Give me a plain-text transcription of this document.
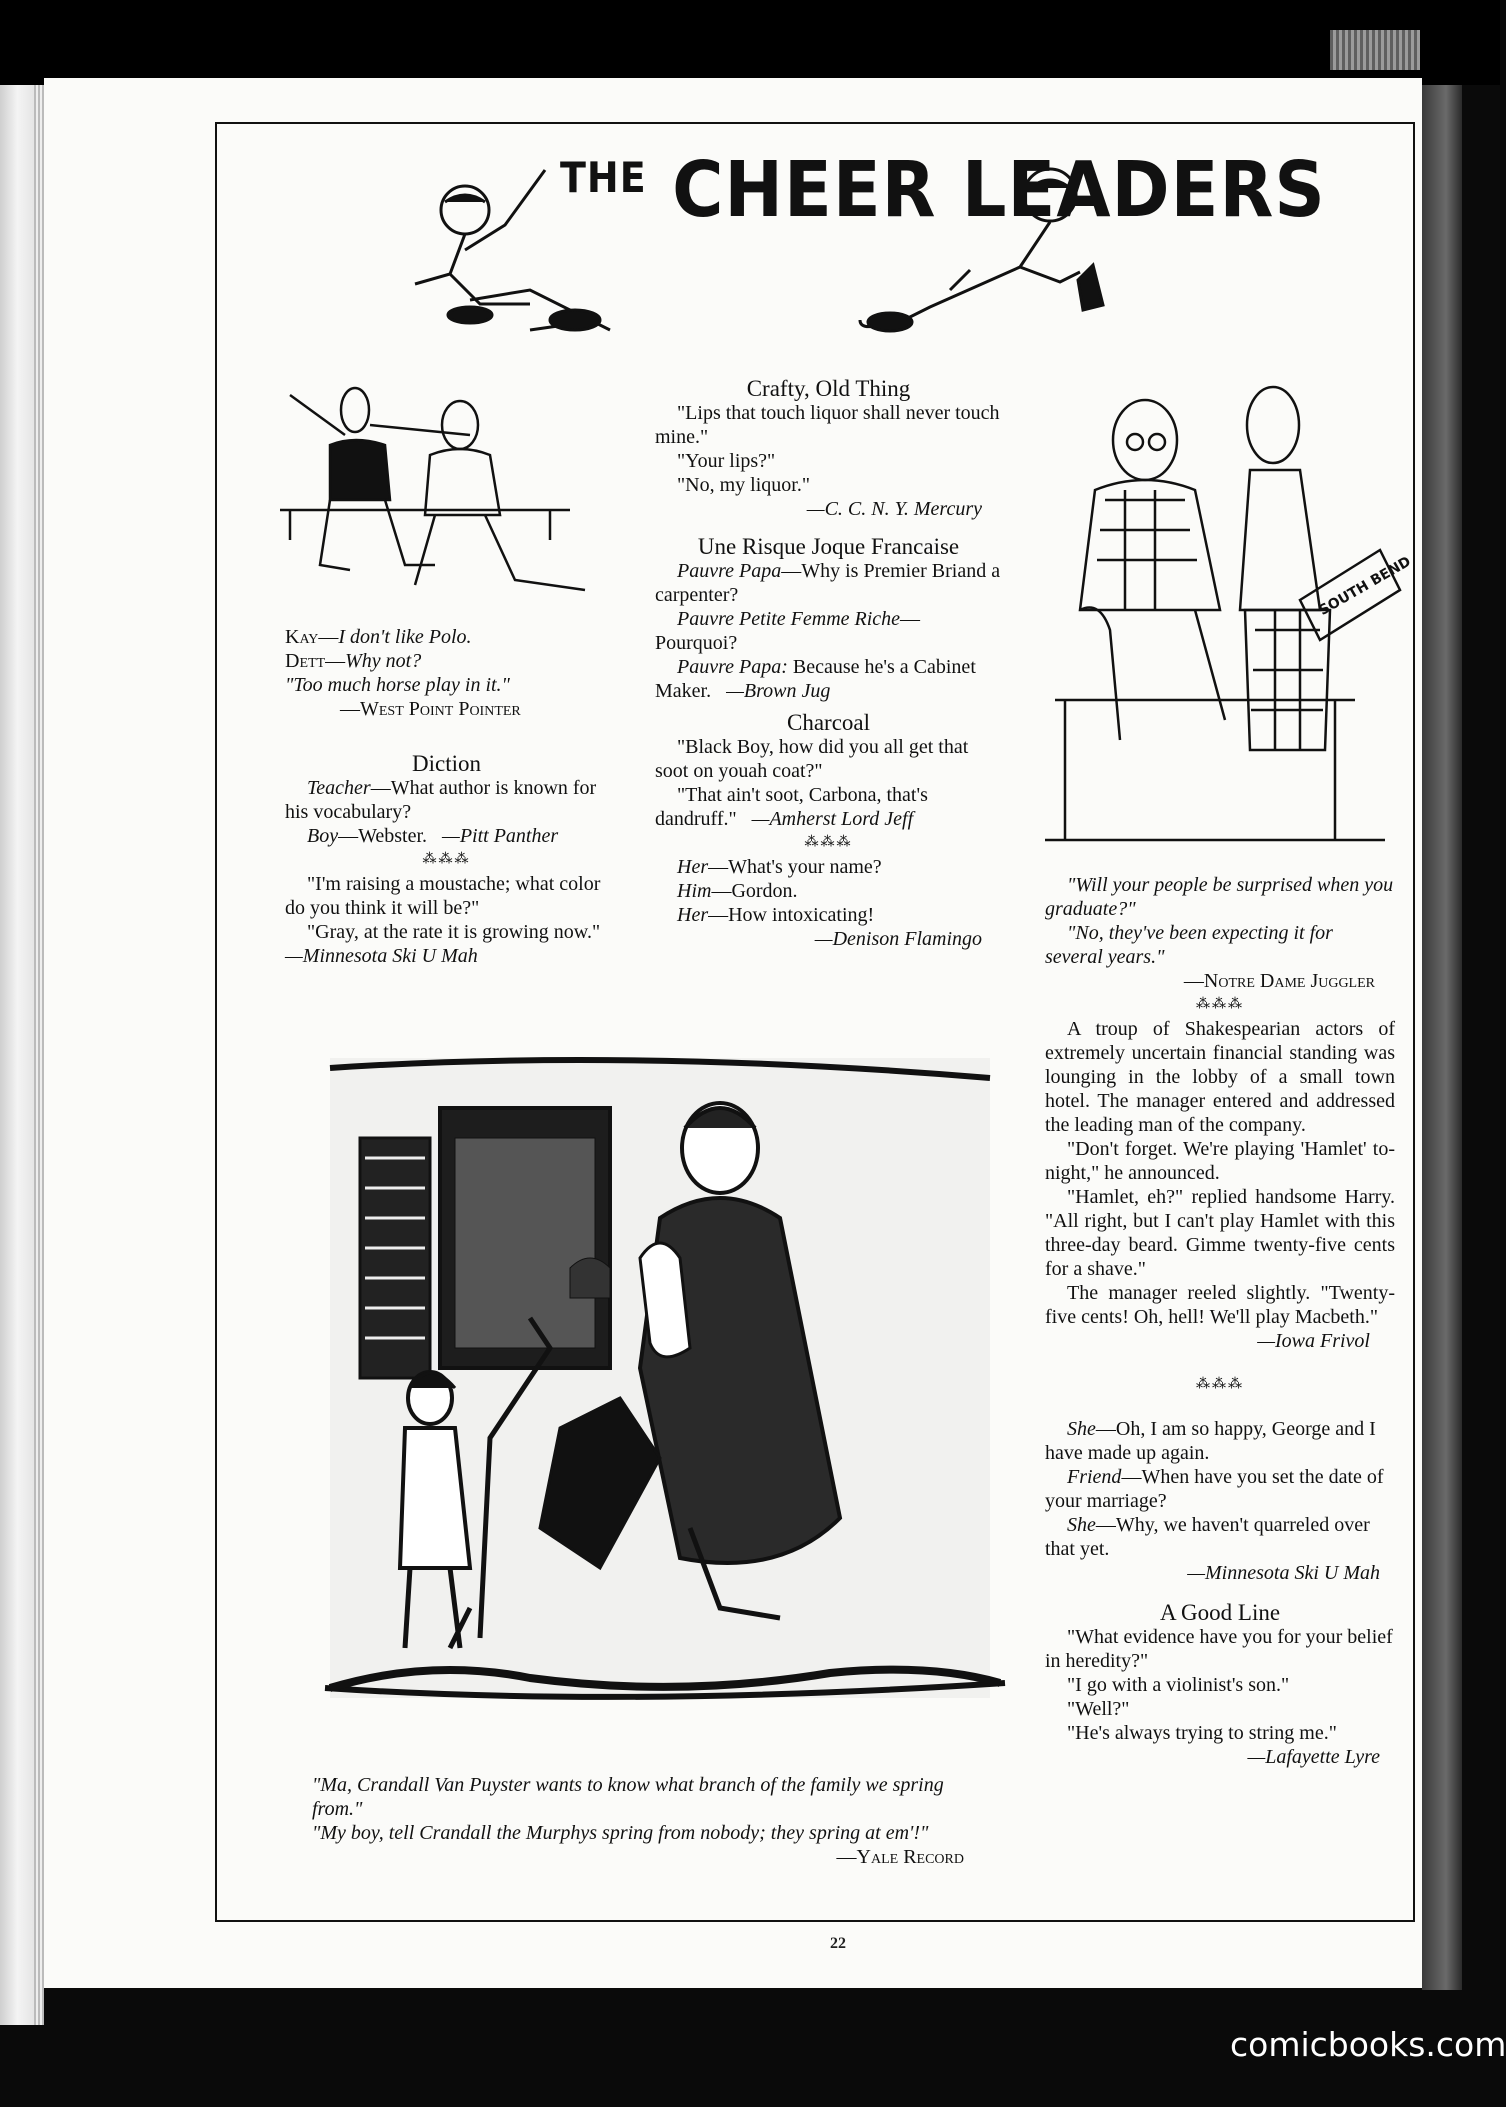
$^{THE}$ CHEER LEADERS

Kay—I don't like Polo.

Dett—Why not?

"Too much horse play in it."

—West Point Pointer

Diction

Teacher—What author is known for his vocabulary?

Boy—Webster. —Pitt Panther

⁂⁂⁂

"I'm raising a moustache; what color do you think it will be?"

"Gray, at the rate it is growing now." —Minnesota Ski U Mah

Crafty, Old Thing

"Lips that touch liquor shall never touch mine."

"Your lips?"

"No, my liquor."

—C. C. N. Y. Mercury

Une Risque Joque Francaise

Pauvre Papa—Why is Premier Briand a carpenter?

Pauvre Petite Femme Riche—Pourquoi?

Pauvre Papa: Because he's a Cabinet Maker. —Brown Jug

Charcoal

"Black Boy, how did you all get that soot on youah coat?"

"That ain't soot, Carbona, that's dandruff." —Amherst Lord Jeff

⁂⁂⁂

Her—What's your name?

Him—Gordon.

Her—How intoxicating!

—Denison Flamingo

SOUTH BEND

"Will your people be surprised when you graduate?"

"No, they've been expecting it for several years."

—Notre Dame Juggler

⁂⁂⁂

A troup of Shakespearian actors of extremely uncertain financial standing was lounging in the lobby of a small town hotel. The manager entered and addressed the leading man of the company.

"Don't forget. We're playing 'Hamlet' to-night," he announced.

"Hamlet, eh?" replied handsome Harry. "All right, but I can't play Hamlet with this three-day beard. Gimme twenty-five cents for a shave."

The manager reeled slightly. "Twenty-five cents! Oh, hell! We'll play Macbeth."

—Iowa Frivol

⁂⁂⁂

She—Oh, I am so happy, George and I have made up again.

Friend—When have you set the date of your marriage?

She—Why, we haven't quarreled over that yet.

—Minnesota Ski U Mah

A Good Line

"What evidence have you for your belief in heredity?"

"I go with a violinist's son."

"Well?"

"He's always trying to string me."

—Lafayette Lyre

"Ma, Crandall Van Puyster wants to know what branch of the family we spring from."

"My boy, tell Crandall the Murphys spring from nobody; they spring at em'!"

—Yale Record

22
comicbooks.com
